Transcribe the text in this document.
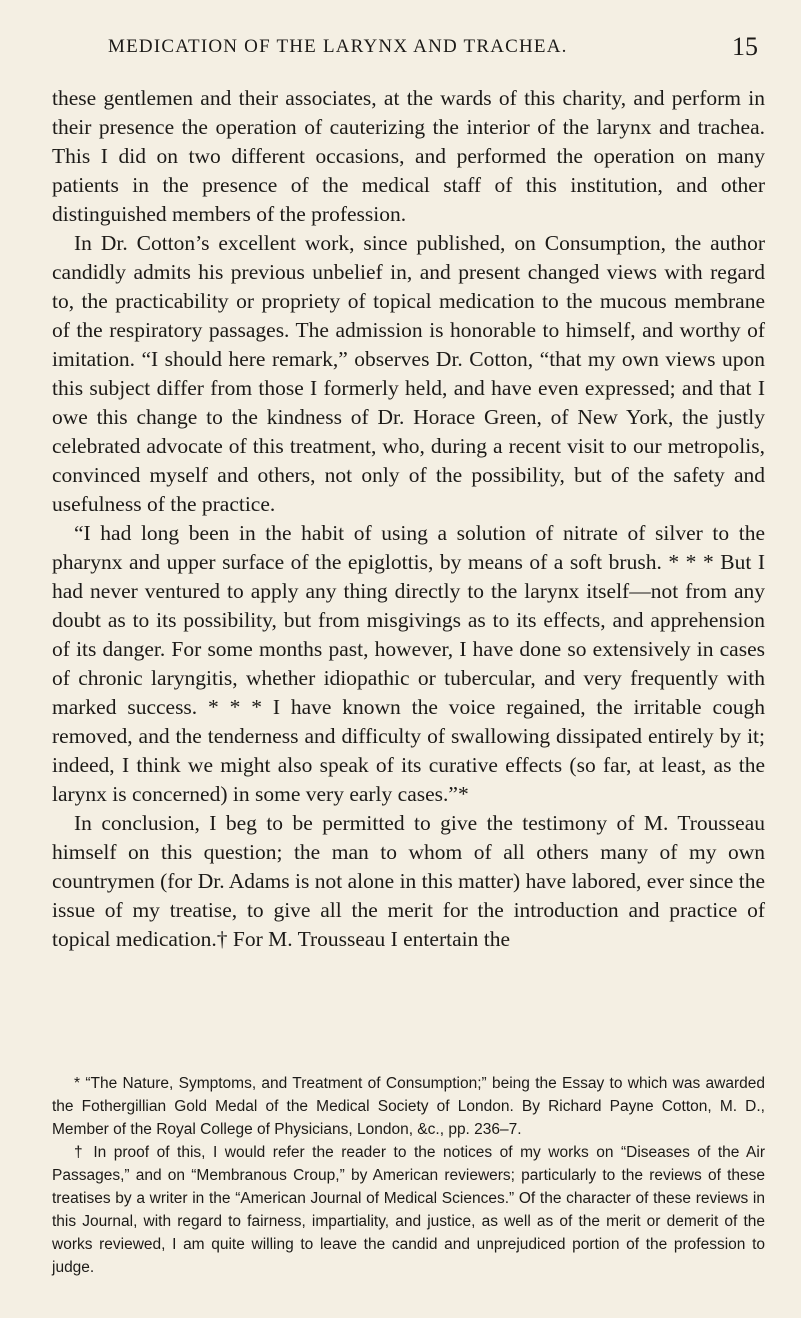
MEDICATION OF THE LARYNX AND TRACHEA.	15

these gentlemen and their associates, at the wards of this charity, and perform in their presence the operation of cauterizing the interior of the larynx and trachea. This I did on two different occasions, and performed the operation on many patients in the presence of the medical staff of this institution, and other distinguished members of the profession.

In Dr. Cotton’s excellent work, since published, on Consumption, the author candidly admits his previous unbelief in, and present changed views with regard to, the practicability or propriety of topical medication to the mucous membrane of the respiratory passages. The admission is honorable to himself, and worthy of imitation. “I should here remark,” observes Dr. Cotton, “that my own views upon this subject differ from those I formerly held, and have even expressed; and that I owe this change to the kindness of Dr. Horace Green, of New York, the justly celebrated advocate of this treatment, who, during a recent visit to our metropolis, convinced myself and others, not only of the possibility, but of the safety and usefulness of the practice.

“I had long been in the habit of using a solution of nitrate of silver to the pharynx and upper surface of the epiglottis, by means of a soft brush. * * * But I had never ventured to apply any thing directly to the larynx itself—not from any doubt as to its possibility, but from misgivings as to its effects, and apprehension of its danger. For some months past, however, I have done so extensively in cases of chronic laryngitis, whether idiopathic or tubercular, and very frequently with marked success. * * * I have known the voice regained, the irritable cough removed, and the tenderness and difficulty of swallowing dissipated entirely by it; indeed, I think we might also speak of its curative effects (so far, at least, as the larynx is concerned) in some very early cases.”*

In conclusion, I beg to be permitted to give the testimony of M. Trousseau himself on this question; the man to whom of all others many of my own countrymen (for Dr. Adams is not alone in this matter) have labored, ever since the issue of my treatise, to give all the merit for the introduction and practice of topical medication.† For M. Trousseau I entertain the

* “The Nature, Symptoms, and Treatment of Consumption;” being the Essay to which was awarded the Fothergillian Gold Medal of the Medical Society of London. By Richard Payne Cotton, M. D., Member of the Royal College of Physicians, London, &c., pp. 236–7.

† In proof of this, I would refer the reader to the notices of my works on “Diseases of the Air Passages,” and on “Membranous Croup,” by American reviewers; particularly to the reviews of these treatises by a writer in the “American Journal of Medical Sciences.” Of the character of these reviews in this Journal, with regard to fairness, impartiality, and justice, as well as of the merit or demerit of the works reviewed, I am quite willing to leave the candid and unprejudiced portion of the profession to judge.
